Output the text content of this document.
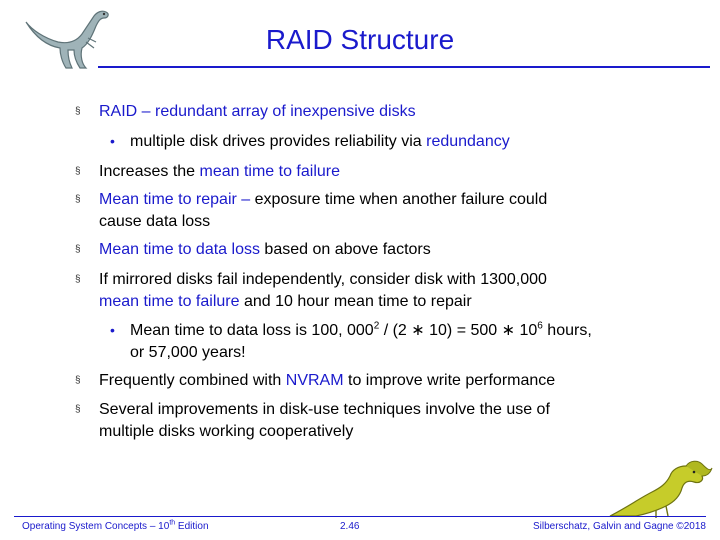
RAID Structure
§ RAID – redundant array of inexpensive disks
• multiple disk drives provides reliability via redundancy
§ Increases the mean time to failure
§ Mean time to repair – exposure time when another failure could
cause data loss
§ Mean time to data loss based on above factors
§ If mirrored disks fail independently, consider disk with 1300,000
mean time to failure and 10 hour mean time to repair
• Mean time to data loss is 100, $000^2 / (2$ ∗ 10) = 500 ∗ $10^6$ hours,
or 57,000 years!
§ Frequently combined with NVRAM to improve write performance
§ Several improvements in disk-use techniques involve the use of
multiple disks working cooperatively
Operating System Concepts – 10th Edition	2.46	Silberschatz, Galvin and Gagne ©2018
